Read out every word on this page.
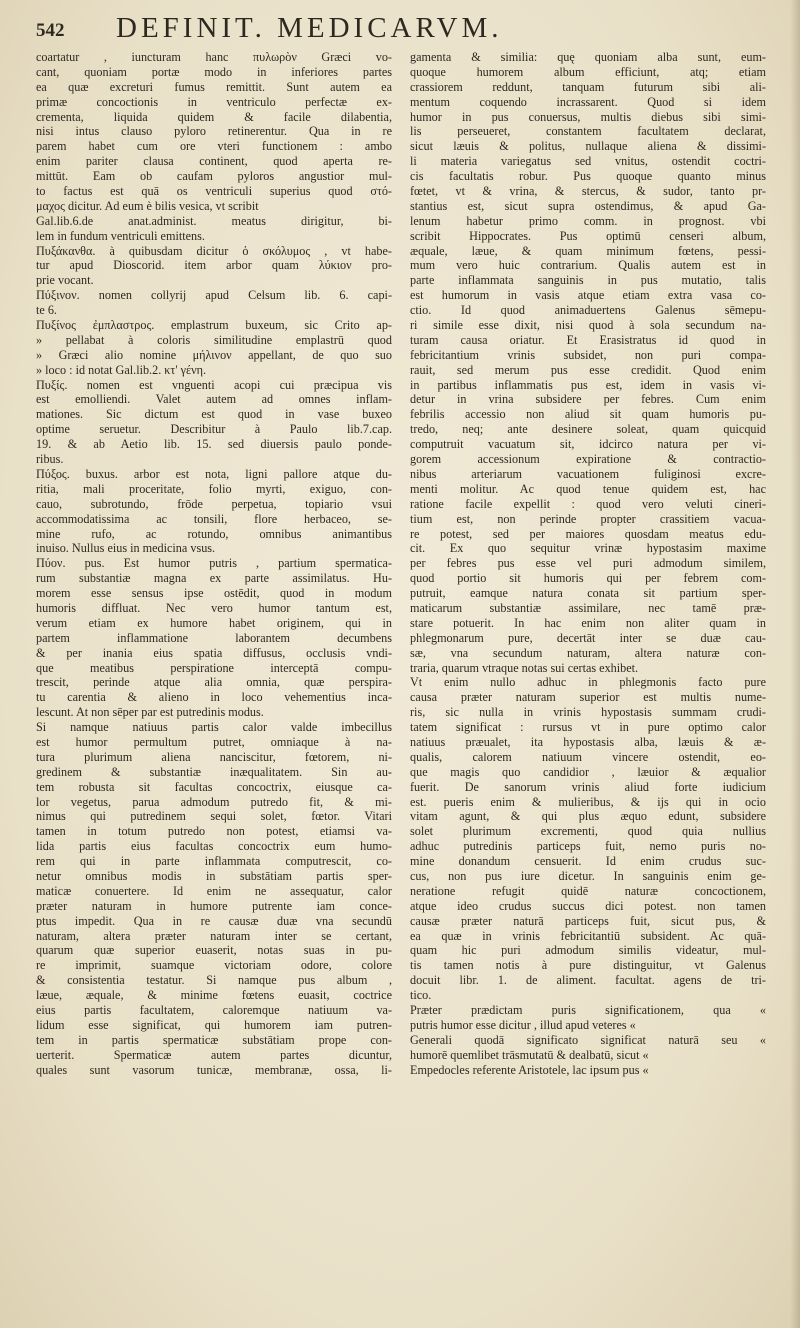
542 DEFINIT. MEDICARVM.

coartatur , iuncturam hanc πυλωρὸν Græci vo-

cant, quoniam portæ modo in inferiores partes

ea quæ excreturi fumus remittit. Sunt autem ea

primæ concoctionis in ventriculo perfectæ ex-

crementa, liquida quidem & facile dilabentia,

nisi intus clauso pyloro retinerentur. Qua in re

parem habet cum ore vteri functionem : ambo

enim pariter clausa continent, quod aperta re-

mittūt. Eam ob caufam pyloros angustior mul-

to factus est quā os ventriculi superius quod στό-

μαχος dicitur. Ad eum è bilis vesica, vt scribit

Gal.lib.6.de anat.administ. meatus dirigitur, bi-

lem in fundum ventriculi emittens.

Πυξάκανθα. à quibusdam dicitur ὁ σκόλυμος , vt habe-

tur apud Dioscorid. item arbor quam λύκιον pro-

prie vocant.

Πύξινον. nomen collyrij apud Celsum lib. 6. capi-

te 6.

Πυξίνος ἐμπλαστρος. emplastrum buxeum, sic Crito ap-

» pellabat à coloris similitudine emplastrū quod

» Græci alio nomine μήλινον appellant, de quo suo

» loco : id notat Gal.lib.2. κτ' γένη.

Πυξίς. nomen est vnguenti acopi cui præcipua vis

est emolliendi. Valet autem ad omnes inflam-

mationes. Sic dictum est quod in vase buxeo

optime seruetur. Describitur à Paulo lib.7.cap.

19. & ab Aetio lib. 15. sed diuersis paulo ponde-

ribus.

Πύξος. buxus. arbor est nota, ligni pallore atque du-

ritia, mali proceritate, folio myrti, exiguo, con-

cauo, subrotundo, frōde perpetua, topiario vsui

accommodatissima ac tonsili, flore herbaceo, se-

mine rufo, ac rotundo, omnibus animantibus

inuiso. Nullus eius in medicina vsus.

Πύον. pus. Est humor putris , partium spermatica-

rum substantiæ magna ex parte assimilatus. Hu-

morem esse sensus ipse ostēdit, quod in modum

humoris diffluat. Nec vero humor tantum est,

verum etiam ex humore habet originem, qui in

partem inflammatione laborantem decumbens

& per inania eius spatia diffusus, occlusis vndi-

que meatibus perspiratione interceptā compu-

trescit, perinde atque alia omnia, quæ perspira-

tu carentia & alieno in loco vehementius inca-

lescunt. At non sēper par est putredinis modus.

Si namque natiuus partis calor valde imbecillus

est humor permultum putret, omniaque à na-

tura plurimum aliena nanciscitur, fœtorem, ni-

gredinem & substantiæ inæqualitatem. Sin au-

tem robusta sit facultas concoctrix, eiusque ca-

lor vegetus, parua admodum putredo fit, & mi-

nimus qui putredinem sequi solet, fœtor. Vitari

tamen in totum putredo non potest, etiamsi va-

lida partis eius facultas concoctrix eum humo-

rem qui in parte inflammata computrescit, co-

netur omnibus modis in substātiam partis sper-

maticæ conuertere. Id enim ne assequatur, calor

præter naturam in humore putrente iam conce-

ptus impedit. Qua in re causæ duæ vna secundū

naturam, altera præter naturam inter se certant,

quarum quæ superior euaserit, notas suas in pu-

re imprimit, suamque victoriam odore, colore

& consistentia testatur. Si namque pus album ,

læue, æquale, & minime fœtens euasit, coctrice

eius partis facultatem, caloremque natiuum va-

lidum esse significat, qui humorem iam putren-

tem in partis spermaticæ substātiam prope con-

uerterit. Spermaticæ autem partes dicuntur,

quales sunt vasorum tunicæ, membranæ, ossa, li-

gamenta & similia: quę quoniam alba sunt, eum-

quoque humorem album efficiunt, atq; etiam

crassiorem reddunt, tanquam futurum sibi ali-

mentum coquendo incrassarent. Quod si idem

humor in pus conuersus, multis diebus sibi simi-

lis perseueret, constantem facultatem declarat,

sicut læuis & politus, nullaque aliena & dissimi-

li materia variegatus sed vnitus, ostendit coctri-

cis facultatis robur. Pus quoque quanto minus

fœtet, vt & vrina, & stercus, & sudor, tanto pr-

stantius est, sicut supra ostendimus, & apud Ga-

lenum habetur primo comm. in prognost. vbi

scribit Hippocrates. Pus optimū censeri album,

æquale, læue, & quam minimum fœtens, pessi-

mum vero huic contrarium. Qualis autem est in

parte inflammata sanguinis in pus mutatio, talis

est humorum in vasis atque etiam extra vasa co-

ctio. Id quod animaduertens Galenus sēmepu-

ri simile esse dixit, nisi quod à sola secundum na-

turam causa oriatur. Et Erasistratus id quod in

febricitantium vrinis subsidet, non puri compa-

rauit, sed merum pus esse credidit. Quod enim

in partibus inflammatis pus est, idem in vasis vi-

detur in vrina subsidere per febres. Cum enim

febrilis accessio non aliud sit quam humoris pu-

tredo, neq; ante desinere soleat, quam quicquid

computruit vacuatum sit, idcirco natura per vi-

gorem accessionum expiratione & contractio-

nibus arteriarum vacuationem fuliginosi excre-

menti molitur. Ac quod tenue quidem est, hac

ratione facile expellit : quod vero veluti cineri-

tium est, non perinde propter crassitiem vacua-

re potest, sed per maiores quosdam meatus edu-

cit. Ex quo sequitur vrinæ hypostasim maxime

per febres pus esse vel puri admodum similem,

quod portio sit humoris qui per febrem com-

putruit, eamque natura conata sit partium sper-

maticarum substantiæ assimilare, nec tamē præ-

stare potuerit. In hac enim non aliter quam in

phlegmonarum pure, decertāt inter se duæ cau-

sæ, vna secundum naturam, altera naturæ con-

traria, quarum vtraque notas sui certas exhibet.

Vt enim nullo adhuc in phlegmonis facto pure

causa præter naturam superior est multis nume-

ris, sic nulla in vrinis hypostasis summam crudi-

tatem significat : rursus vt in pure optimo calor

natiuus præualet, ita hypostasis alba, læuis & æ-

qualis, calorem natiuum vincere ostendit, eo-

que magis quo candidior , læuior & æqualior

fuerit. De sanorum vrinis aliud forte iudicium

est. pueris enim & mulieribus, & ijs qui in ocio

vitam agunt, & qui plus æquo edunt, subsidere

solet plurimum excrementi, quod quia nullius

adhuc putredinis particeps fuit, nemo puris no-

mine donandum censuerit. Id enim crudus suc-

cus, non pus iure dicetur. In sanguinis enim ge-

neratione refugit quidē naturæ concoctionem,

atque ideo crudus succus dici potest. non tamen

causæ præter naturā particeps fuit, sicut pus, &

ea quæ in vrinis febricitantiū subsident. Ac quā-

quam hic puri admodum similis videatur, mul-

tis tamen notis à pure distinguitur, vt Galenus

docuit libr. 1. de aliment. facultat. agens de tri-

tico.

Præter prædictam puris significationem, qua «

putris humor esse dicitur , illud apud veteres «

Generali quodā significato significat naturā seu «

humorē quemlibet trāsmutatū & dealbatū, sicut «

Empedocles referente Aristotele, lac ipsum pus «
